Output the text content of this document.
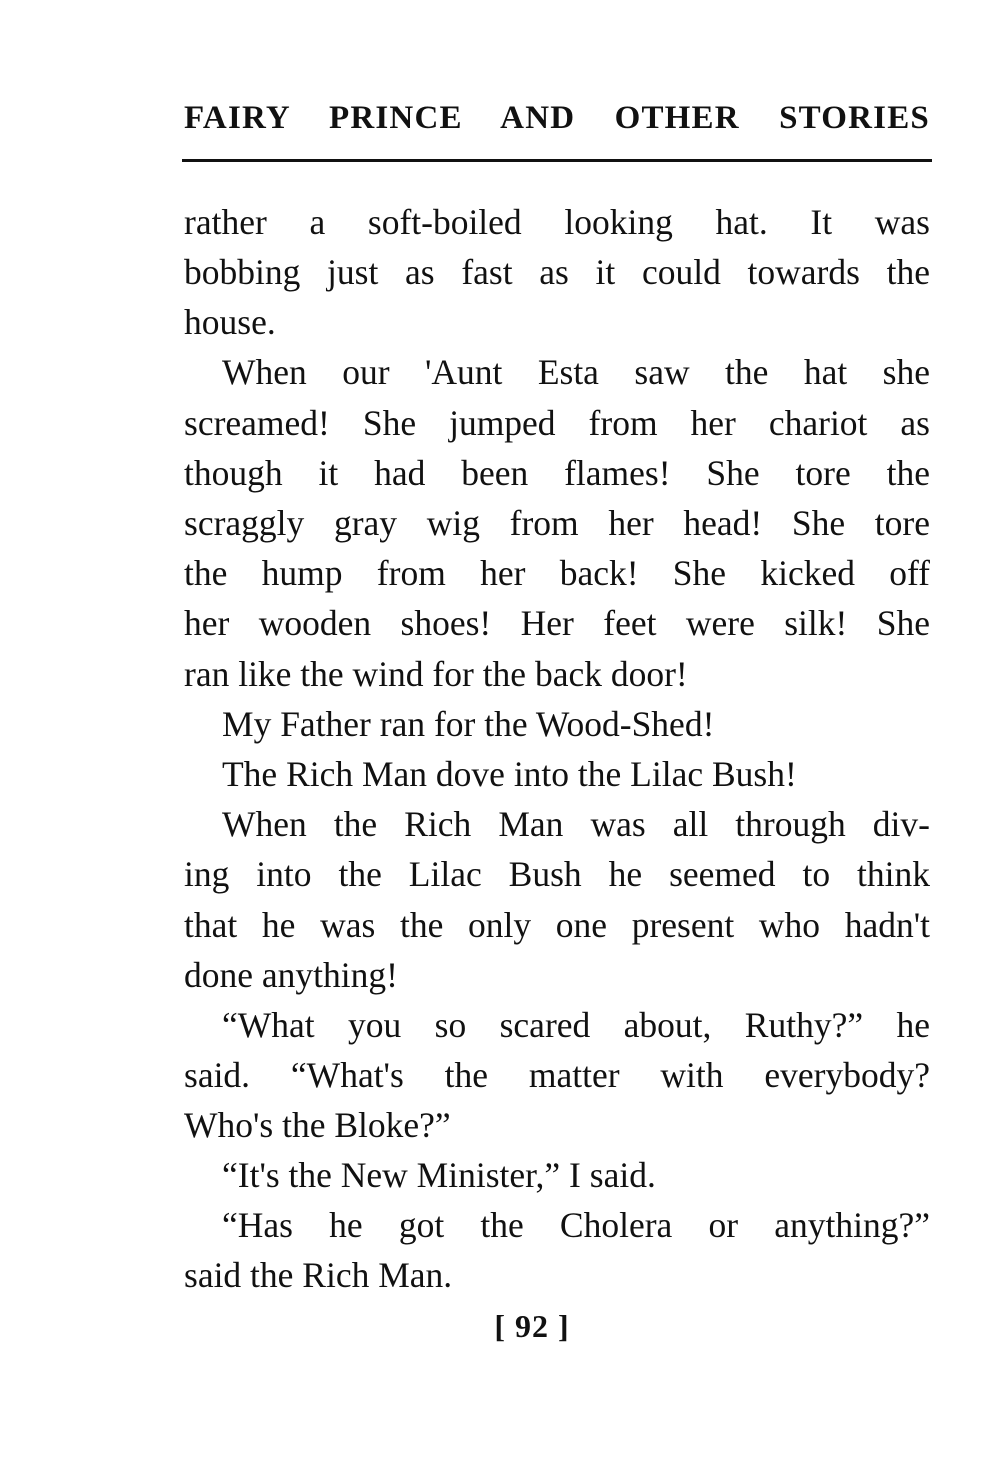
FAIRY PRINCE AND OTHER STORIES
rather a soft-boiled looking hat. It was
bobbing just as fast as it could towards the
house.
When our 'Aunt Esta saw the hat she
screamed! She jumped from her chariot as
though it had been flames! She tore the
scraggly gray wig from her head! She tore
the hump from her back! She kicked off
her wooden shoes! Her feet were silk! She
ran like the wind for the back door!
My Father ran for the Wood-Shed!
The Rich Man dove into the Lilac Bush!
When the Rich Man was all through div-
ing into the Lilac Bush he seemed to think
that he was the only one present who hadn't
done anything!
“What you so scared about, Ruthy?” he
said. “What's the matter with everybody?
Who's the Bloke?”
“It's the New Minister,” I said.
“Has he got the Cholera or anything?”
said the Rich Man.
[ 92 ]
